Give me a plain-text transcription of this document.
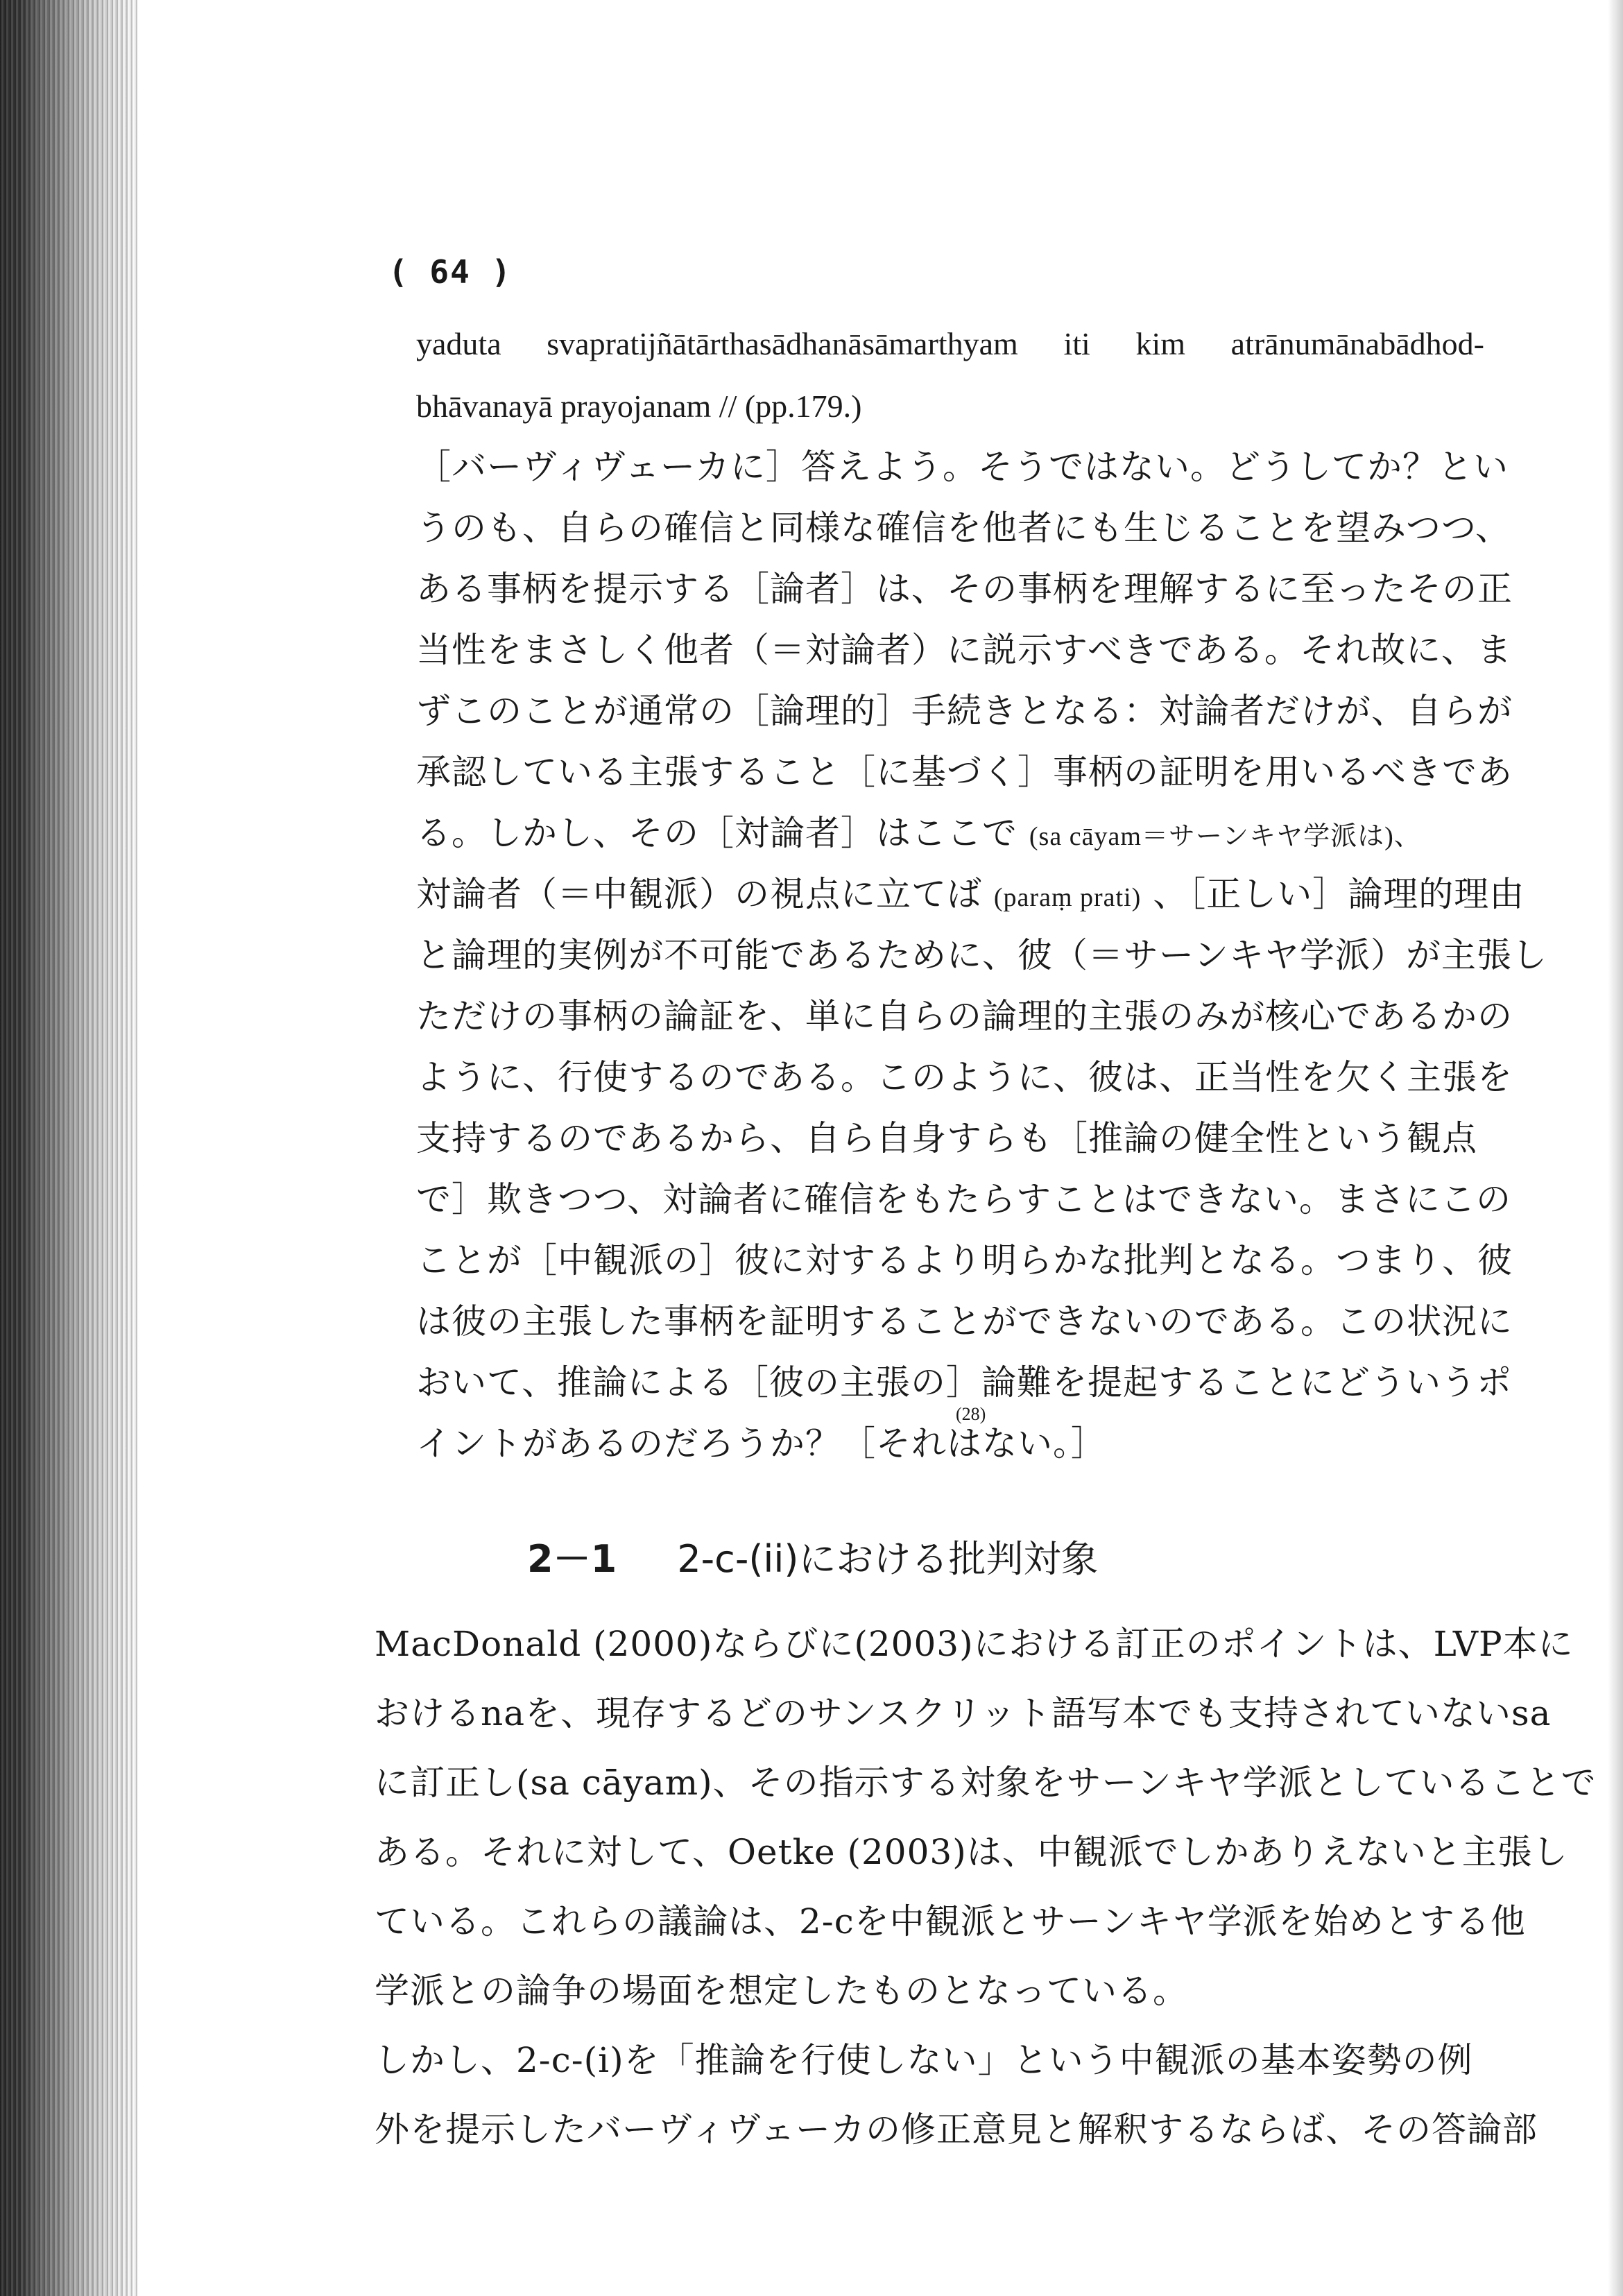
( 64 )
yaduta svapratijñātārthasādhanāsāmarthyam iti kim atrānumānabādhod-
bhāvanayā prayojanam // (pp.179.)
［バーヴィヴェーカに］答えよう。そうではない。どうしてか？とい
うのも、自らの確信と同様な確信を他者にも生じることを望みつつ、
ある事柄を提示する［論者］は、その事柄を理解するに至ったその正
当性をまさしく他者（＝対論者）に説示すべきである。それ故に、ま
ずこのことが通常の［論理的］手続きとなる：対論者だけが、自らが
承認している主張すること［に基づく］事柄の証明を用いるべきであ
る。しかし、その［対論者］はここで (sa cāyam＝サーンキヤ学派は)、
対論者（＝中観派）の視点に立てば (paraṃ prati) 、［正しい］論理的理由
と論理的実例が不可能であるために、彼（＝サーンキヤ学派）が主張し
ただけの事柄の論証を、単に自らの論理的主張のみが核心であるかの
ように、行使するのである。このように、彼は、正当性を欠く主張を
支持するのであるから、自ら自身すらも［推論の健全性という観点
で］欺きつつ、対論者に確信をもたらすことはできない。まさにこの
ことが［中観派の］彼に対するより明らかな批判となる。つまり、彼
は彼の主張した事柄を証明することができないのである。この状況に
(28)
2－1 2-c-(ii)における批判対象
MacDonald (2000)ならびに(2003)における訂正のポイントは、LVP本に
おけるnaを、現存するどのサンスクリット語写本でも支持されていないsa
に訂正し(sa cāyam)、その指示する対象をサーンキヤ学派としていることで
ある。それに対して、Oetke (2003)は、中観派でしかありえないと主張し
ている。これらの議論は、2-cを中観派とサーンキヤ学派を始めとする他
学派との論争の場面を想定したものとなっている。
しかし、2-c-(i)を「推論を行使しない」という中観派の基本姿勢の例
外を提示したバーヴィヴェーカの修正意見と解釈するならば、その答論部
おいて、推論による［彼の主張の］論難を提起することにどういうポ
イントがあるのだろうか？［それはない。］
